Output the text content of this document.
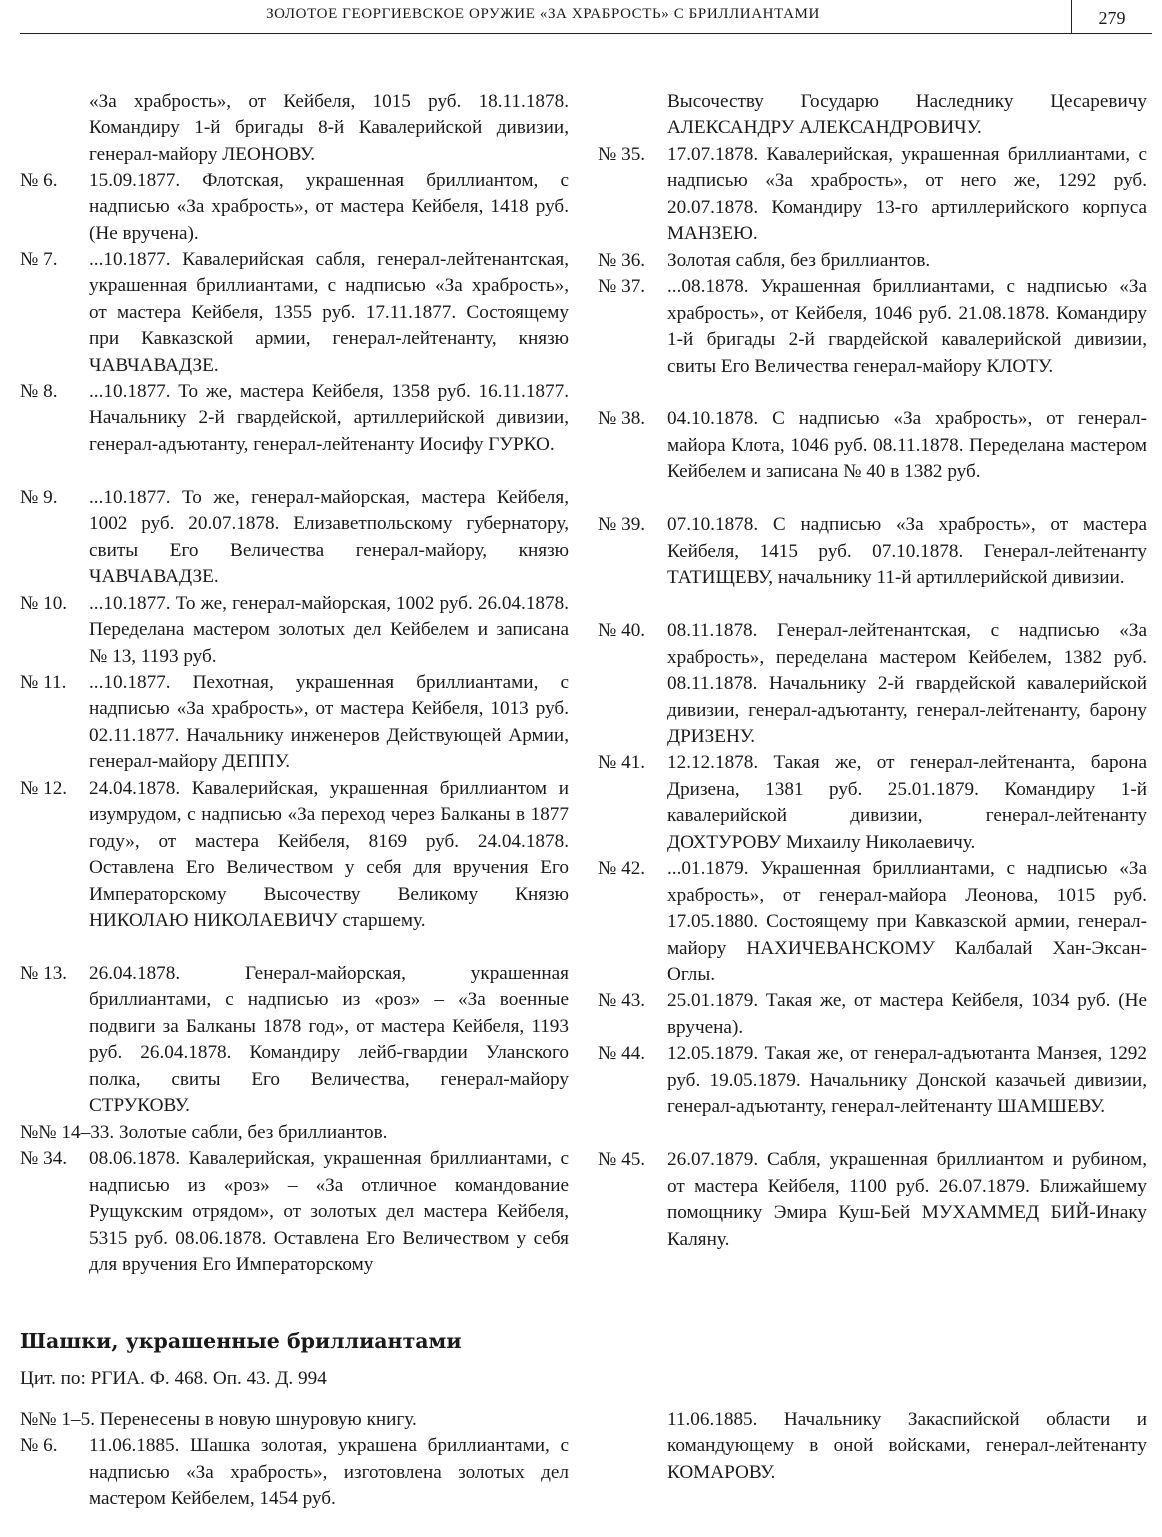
ЗОЛОТОЕ ГЕОРГИЕВСКОЕ ОРУЖИЕ «ЗА ХРАБРОСТЬ» С БРИЛЛИАНТАМИ	279
«За храбрость», от Кейбеля, 1015 руб. 18.11.1878. Командиру 1-й бригады 8-й Кавалерийской дивизии, генерал-майору ЛЕОНОВУ.
№ 6. 15.09.1877. Флотская, украшенная бриллиантом, с надписью «За храбрость», от мастера Кейбеля, 1418 руб. (Не вручена).
№ 7. ...10.1877. Кавалерийская сабля, генерал-лейтенантская, украшенная бриллиантами, с надписью «За храбрость», от мастера Кейбеля, 1355 руб. 17.11.1877. Состоящему при Кавказской армии, генерал-лейтенанту, князю ЧАВЧАВАДЗЕ.
№ 8. ...10.1877. То же, мастера Кейбеля, 1358 руб. 16.11.1877. Начальнику 2-й гвардейской, артиллерийской дивизии, генерал-адъютанту, генерал-лейтенанту Иосифу ГУРКО.
№ 9. ...10.1877. То же, генерал-майорская, мастера Кейбеля, 1002 руб. 20.07.1878. Елизаветпольскому губернатору, свиты Его Величества генерал-майору, князю ЧАВЧАВАДЗЕ.
№ 10. ...10.1877. То же, генерал-майорская, 1002 руб. 26.04.1878. Переделана мастером золотых дел Кейбелем и записана № 13, 1193 руб.
№ 11. ...10.1877. Пехотная, украшенная бриллиантами, с надписью «За храбрость», от мастера Кейбеля, 1013 руб. 02.11.1877. Начальнику инженеров Действующей Армии, генерал-майору ДЕППУ.
№ 12. 24.04.1878. Кавалерийская, украшенная бриллиантом и изумрудом, с надписью «За переход через Балканы в 1877 году», от мастера Кейбеля, 8169 руб. 24.04.1878. Оставлена Его Величеством у себя для вручения Его Императорскому Высочеству Великому Князю НИКОЛАЮ НИКОЛАЕВИЧУ старшему.
№ 13. 26.04.1878. Генерал-майорская, украшенная бриллиантами, с надписью из «роз» – «За военные подвиги за Балканы 1878 год», от мастера Кейбеля, 1193 руб. 26.04.1878. Командиру лейб-гвардии Уланского полка, свиты Его Величества, генерал-майору СТРУКОВУ.
№№ 14–33. Золотые сабли, без бриллиантов.
№ 34. 08.06.1878. Кавалерийская, украшенная бриллиантами, с надписью из «роз» – «За отличное командование Рущукским отрядом», от золотых дел мастера Кейбеля, 5315 руб. 08.06.1878. Оставлена Его Величеством у себя для вручения Его Императорскому
Высочеству Государю Наследнику Цесаревичу АЛЕКСАНДРУ АЛЕКСАНДРОВИЧУ.
№ 35. 17.07.1878. Кавалерийская, украшенная бриллиантами, с надписью «За храбрость», от него же, 1292 руб. 20.07.1878. Командиру 13-го артиллерийского корпуса МАНЗЕЮ.
№ 36. Золотая сабля, без бриллиантов.
№ 37. ...08.1878. Украшенная бриллиантами, с надписью «За храбрость», от Кейбеля, 1046 руб. 21.08.1878. Командиру 1-й бригады 2-й гвардейской кавалерийской дивизии, свиты Его Величества генерал-майору КЛОТУ.
№ 38. 04.10.1878. С надписью «За храбрость», от генерал-майора Клота, 1046 руб. 08.11.1878. Переделана мастером Кейбелем и записана № 40 в 1382 руб.
№ 39. 07.10.1878. С надписью «За храбрость», от мастера Кейбеля, 1415 руб. 07.10.1878. Генерал-лейтенанту ТАТИЩЕВУ, начальнику 11-й артиллерийской дивизии.
№ 40. 08.11.1878. Генерал-лейтенантская, с надписью «За храбрость», переделана мастером Кейбелем, 1382 руб. 08.11.1878. Начальнику 2-й гвардейской кавалерийской дивизии, генерал-адъютанту, генерал-лейтенанту, барону ДРИЗЕНУ.
№ 41. 12.12.1878. Такая же, от генерал-лейтенанта, барона Дризена, 1381 руб. 25.01.1879. Командиру 1-й кавалерийской дивизии, генерал-лейтенанту ДОХТУРОВУ Михаилу Николаевичу.
№ 42. ...01.1879. Украшенная бриллиантами, с надписью «За храбрость», от генерал-майора Леонова, 1015 руб. 17.05.1880. Состоящему при Кавказской армии, генерал-майору НАХИЧЕВАНСКОМУ Калбалай Хан-Эксан-Оглы.
№ 43. 25.01.1879. Такая же, от мастера Кейбеля, 1034 руб. (Не вручена).
№ 44. 12.05.1879. Такая же, от генерал-адъютанта Манзея, 1292 руб. 19.05.1879. Начальнику Донской казачьей дивизии, генерал-адъютанту, генерал-лейтенанту ШАМШЕВУ.
№ 45. 26.07.1879. Сабля, украшенная бриллиантом и рубином, от мастера Кейбеля, 1100 руб. 26.07.1879. Ближайшему помощнику Эмира Куш-Бей МУХАММЕД БИЙ-Инаку Каляну.
Шашки, украшенные бриллиантами
Цит. по: РГИА. Ф. 468. Оп. 43. Д. 994
№№ 1–5. Перенесены в новую шнуровую книгу.
№ 6. 11.06.1885. Шашка золотая, украшена бриллиантами, с надписью «За храбрость», изготовлена золотых дел мастером Кейбелем, 1454 руб.
11.06.1885. Начальнику Закаспийской области и командующему в оной войсками, генерал-лейтенанту КОМАРОВУ.
